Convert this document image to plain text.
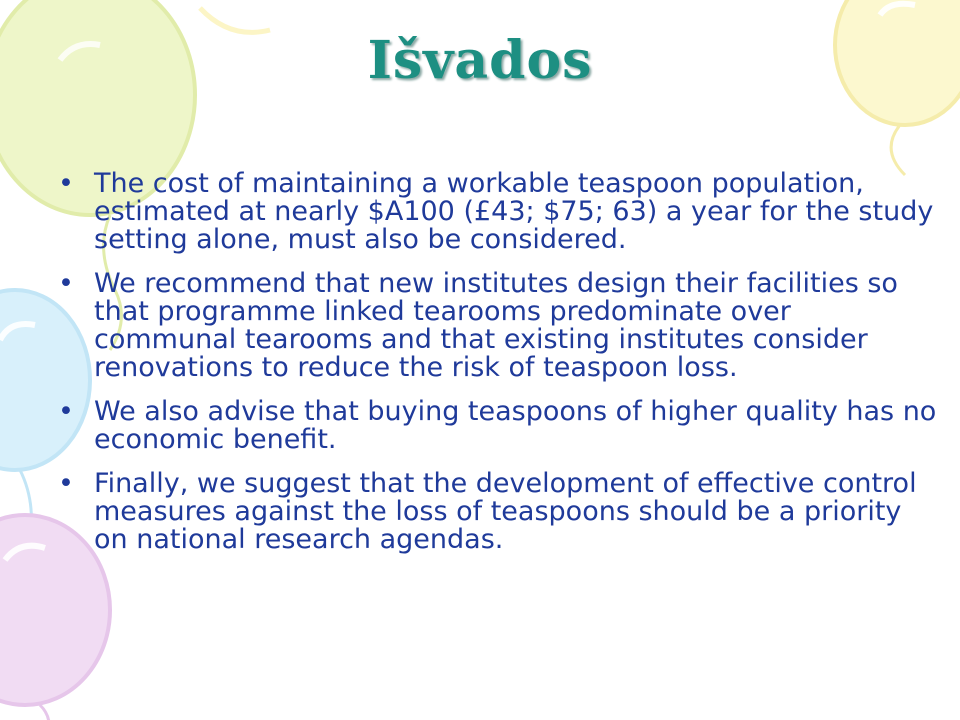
Išvados
• The cost of maintaining a workable teaspoon population, estimated at nearly $A100 (£43; $75; 63) a year for the study setting alone, must also be considered.
• We recommend that new institutes design their facilities so that programme linked tearooms predominate over communal tearooms and that existing institutes consider renovations to reduce the risk of teaspoon loss.
• We also advise that buying teaspoons of higher quality has no economic benefit.
• Finally, we suggest that the development of effective control measures against the loss of teaspoons should be a priority on national research agendas.
